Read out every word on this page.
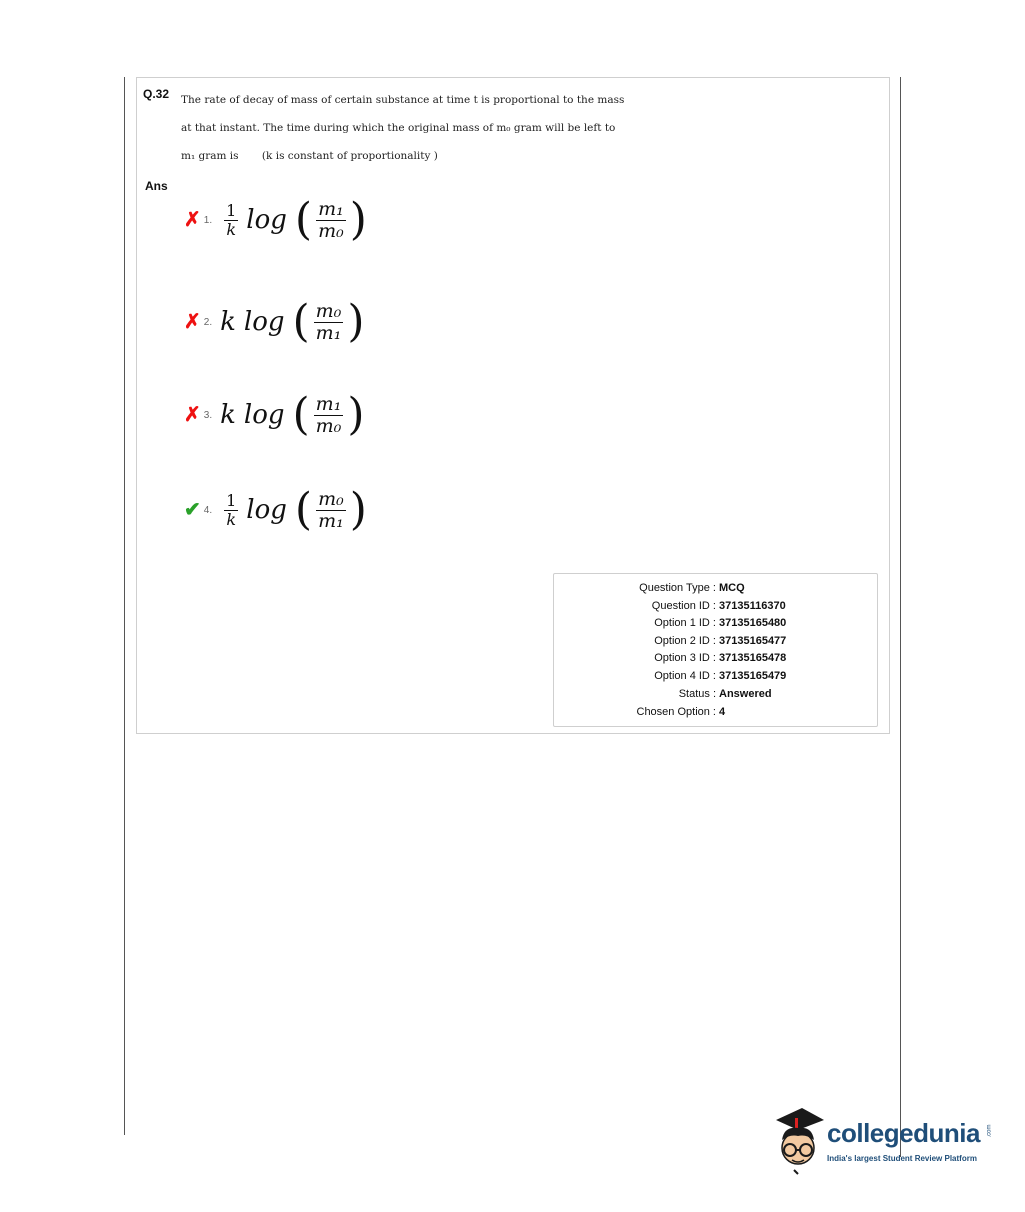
Q.32 The rate of decay of mass of certain substance at time t is proportional to the mass
at that instant. The time during which the original mass of m₀ gram will be left to
m₁ gram is       (k is constant of proportionality )
Ans
✗ 1. $\frac{1}{k}$ log ( $\frac{\text{m₁}}{\text{m₀}}$ )
✗ 2. k log ( $\frac{\text{m₀}}{\text{m₁}}$ )
✗ 3. k log ( $\frac{\text{m₁}}{\text{m₀}}$ )
✔ 4. $\frac{1}{k}$ log ( $\frac{\text{m₀}}{\text{m₁}}$ )
Question Type : MCQ
Question ID : 37135116370
Option 1 ID : 37135165480
Option 2 ID : 37135165477
Option 3 ID : 37135165478
Option 4 ID : 37135165479
Status : Answered
Chosen Option : 4
collegedunia .com
India's largest Student Review Platform
